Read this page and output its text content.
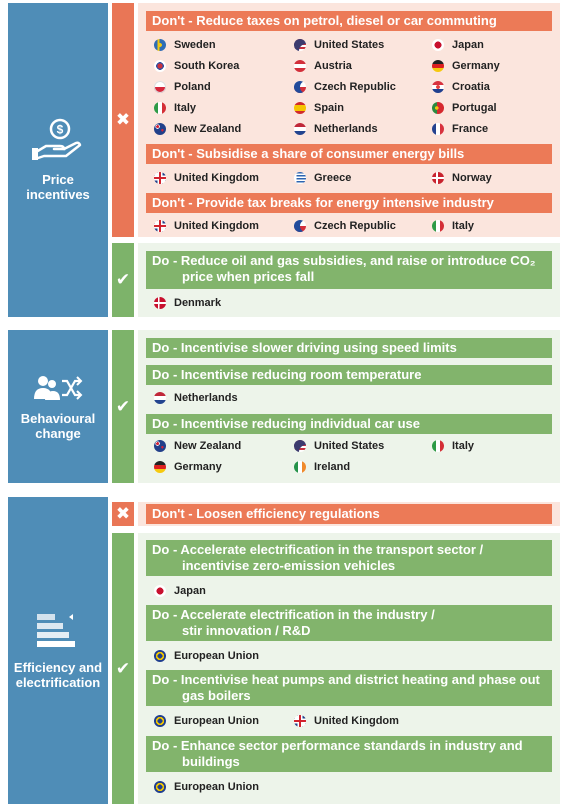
$
Price
incentives
✖
Don't - Reduce taxes on petrol, diesel or car commuting
Don't - Subsidise a share of consumer energy bills
Don't - Provide tax breaks for energy intensive industry
Sweden	United States	Japan
South Korea	Austria	Germany
Poland	Czech Republic	Croatia
Italy	Spain	Portugal
New Zealand	Netherlands	France
United Kingdom	Greece	Norway
United Kingdom	Czech Republic	Italy
✔
Do - Reduce oil and gas subsidies, and raise or introduce CO₂
price when prices fall
Denmark
Behavioural
change
✔
Do - Incentivise slower driving using speed limits
Do - Incentivise reducing room temperature
Do - Incentivise reducing individual car use
Netherlands
New Zealand	United States	Italy
Germany	Ireland
Efficiency and
electrification
✖	Don't - Loosen efficiency regulations
✔
Do - Accelerate electrification in the transport sector /
incentivise zero-emission vehicles
Do - Accelerate electrification in the industry /
stir innovation / R&D
Do - Incentivise heat pumps and district heating and phase out
gas boilers
Do - Enhance sector performance standards in industry and
buildings
Japan
European Union
European Union	United Kingdom
European Union
